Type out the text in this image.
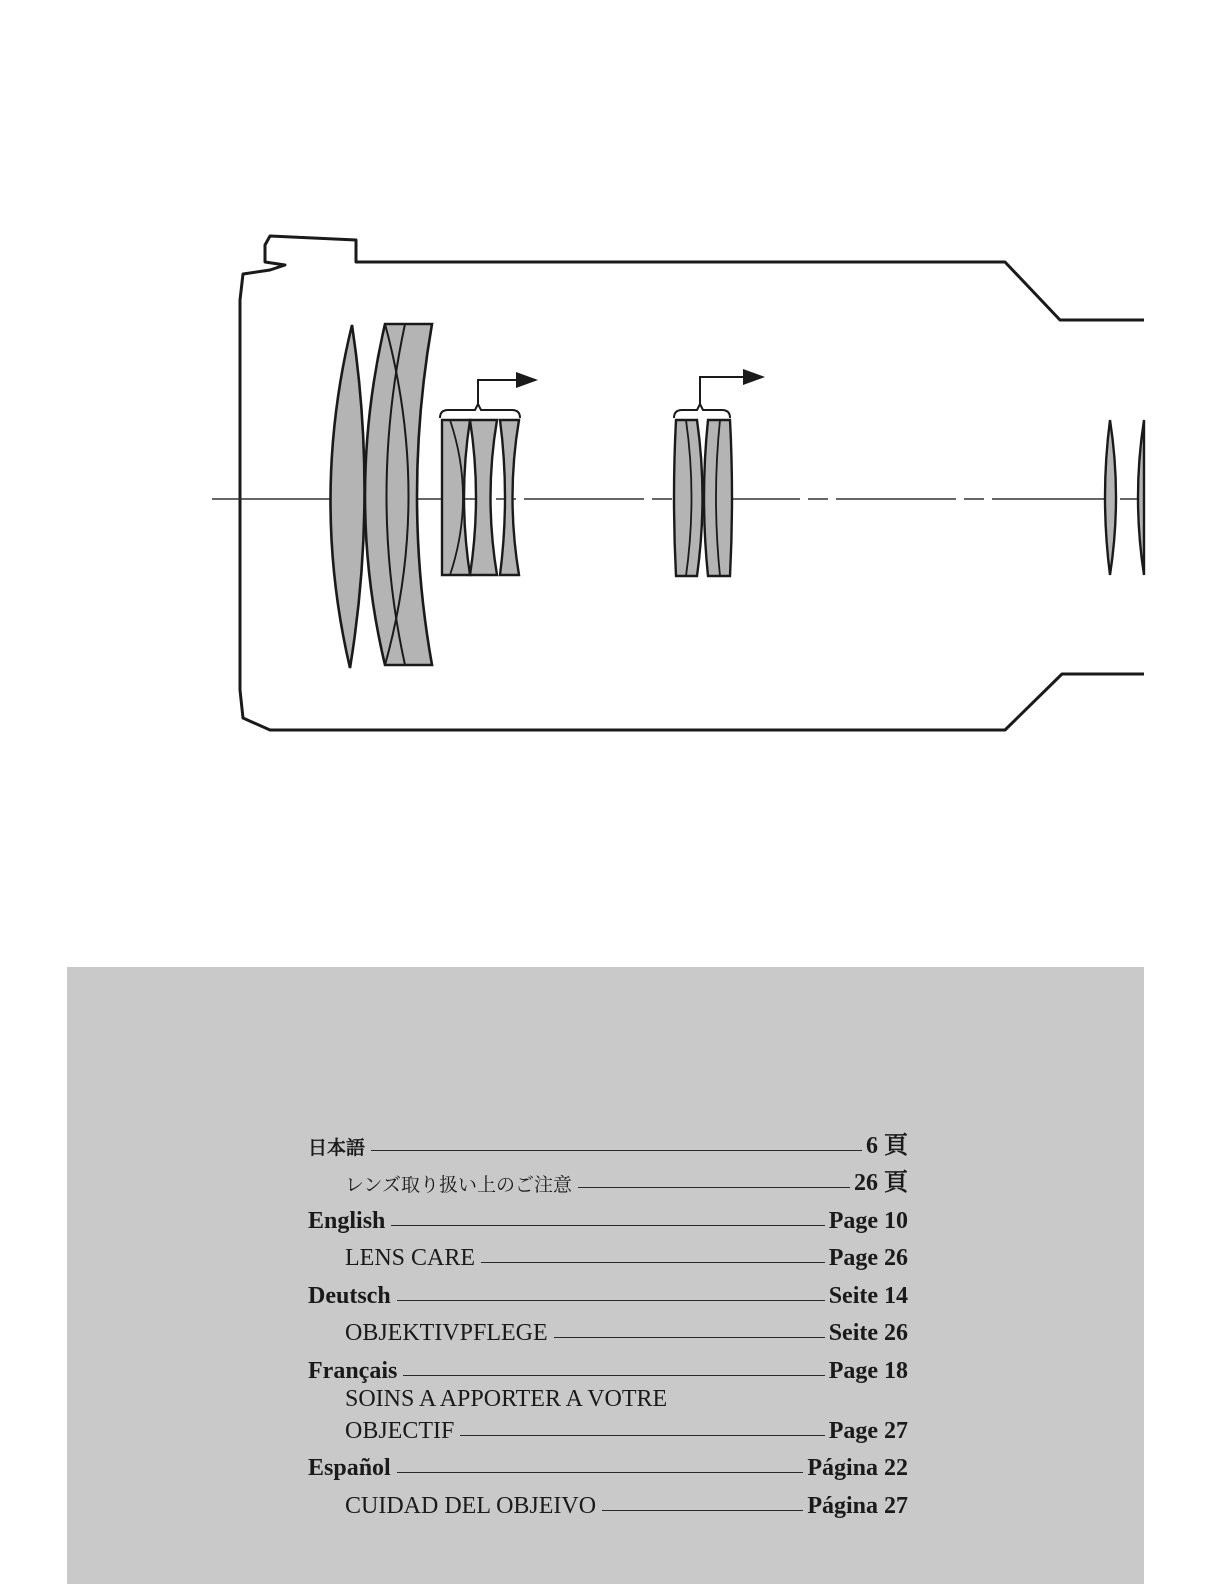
日本語	6 頁
レンズ取り扱い上のご注意	26 頁
English	Page 10
LENS CARE	Page 26
Deutsch	Seite 14
OBJEKTIVPFLEGE	Seite 26
Français	Page 18
SOINS A APPORTER A VOTRE
OBJECTIF	Page 27
Español	Página 22
CUIDAD DEL OBJEIVO	Página 27
